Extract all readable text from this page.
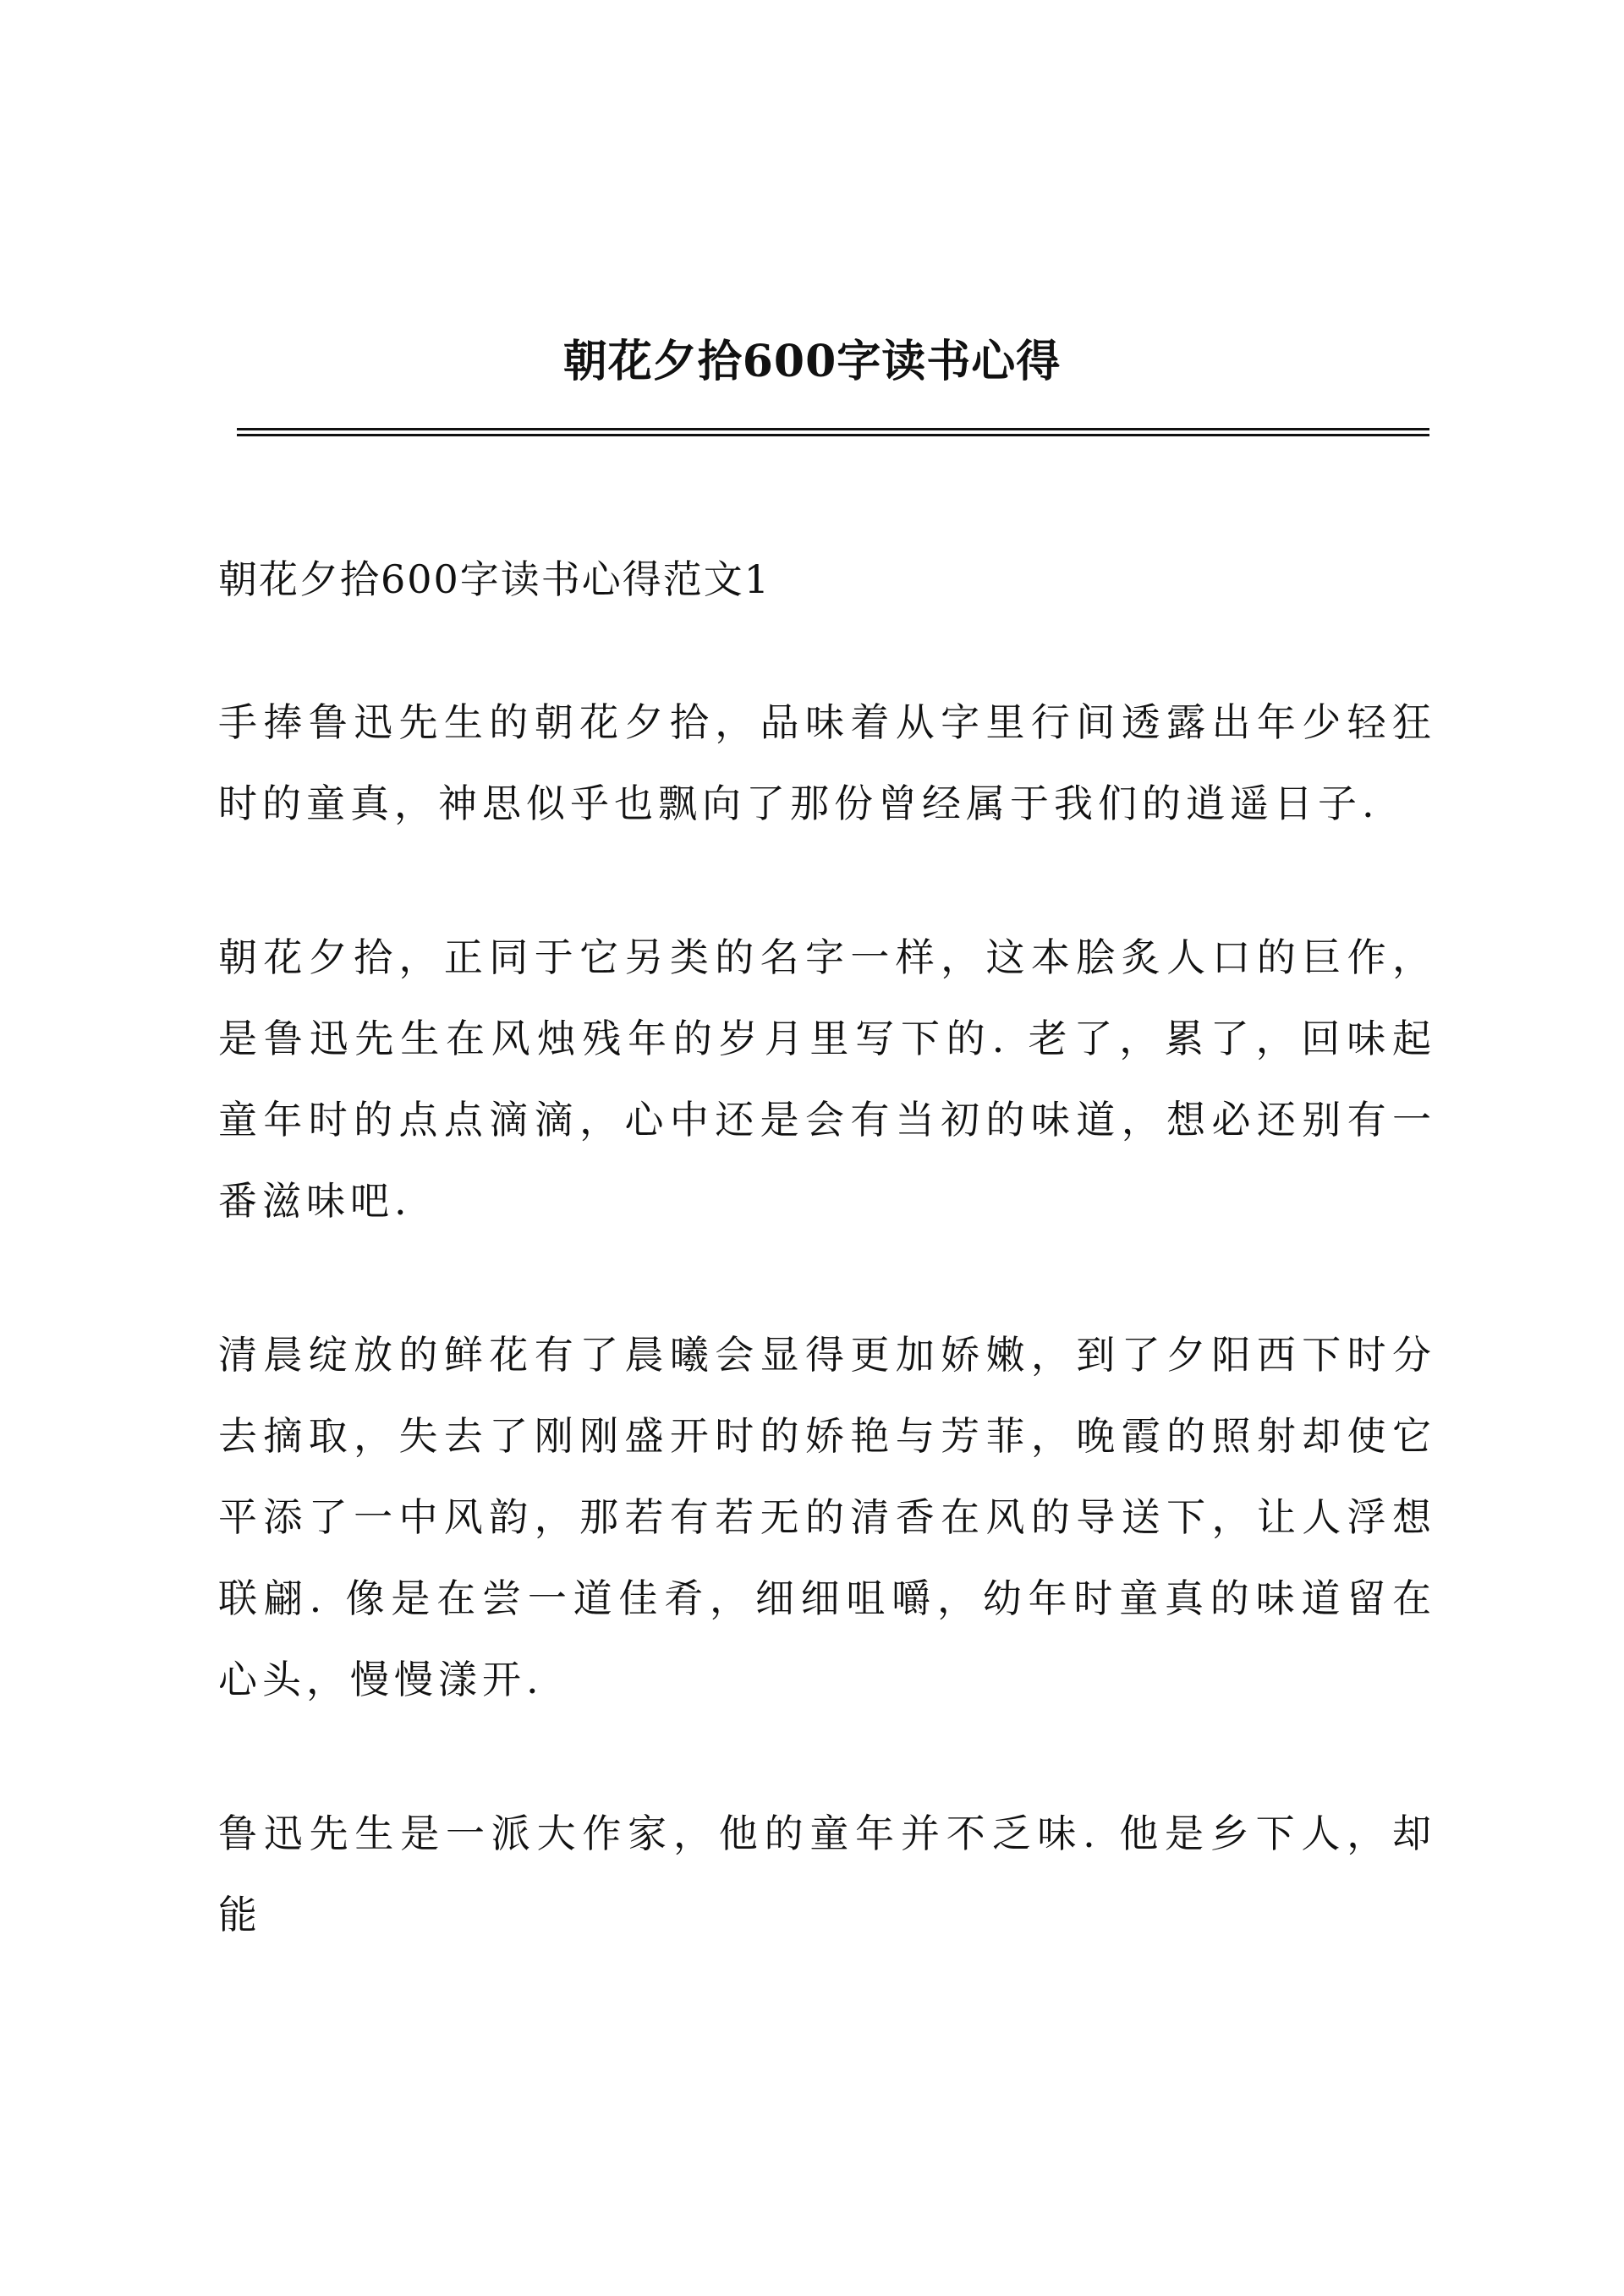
朝花夕拾600字读书心得

朝花夕拾600字读书心得范文1

手捧鲁迅先生的朝花夕拾，品味着从字里行间透露出年少轻狂时的童真，神思似乎也飘向了那份曾经属于我们的逍遥日子.

朝花夕拾，正同于它另类的名字一样，这本脍炙人口的巨作，是鲁迅先生在风烛残年的岁月里写下的. 老了，累了，回味起童年时的点点滴滴，心中还是会有当初的味道，想必还别有一番滋味吧.

清晨绽放的鲜花有了晨曦会显得更加娇嫩，到了夕阳西下时分去摘取，失去了刚刚盛开时的娇艳与芳菲，晚霞的照射却使它平添了一中风韵，那若有若无的清香在风的导送下，让人浮想联翩. 像是在尝一道佳肴，细细咀嚼，幼年时童真的味道留在心头，慢慢漾开.

鲁迅先生是一派大作家，他的童年并不乏味. 他是乡下人，却能
